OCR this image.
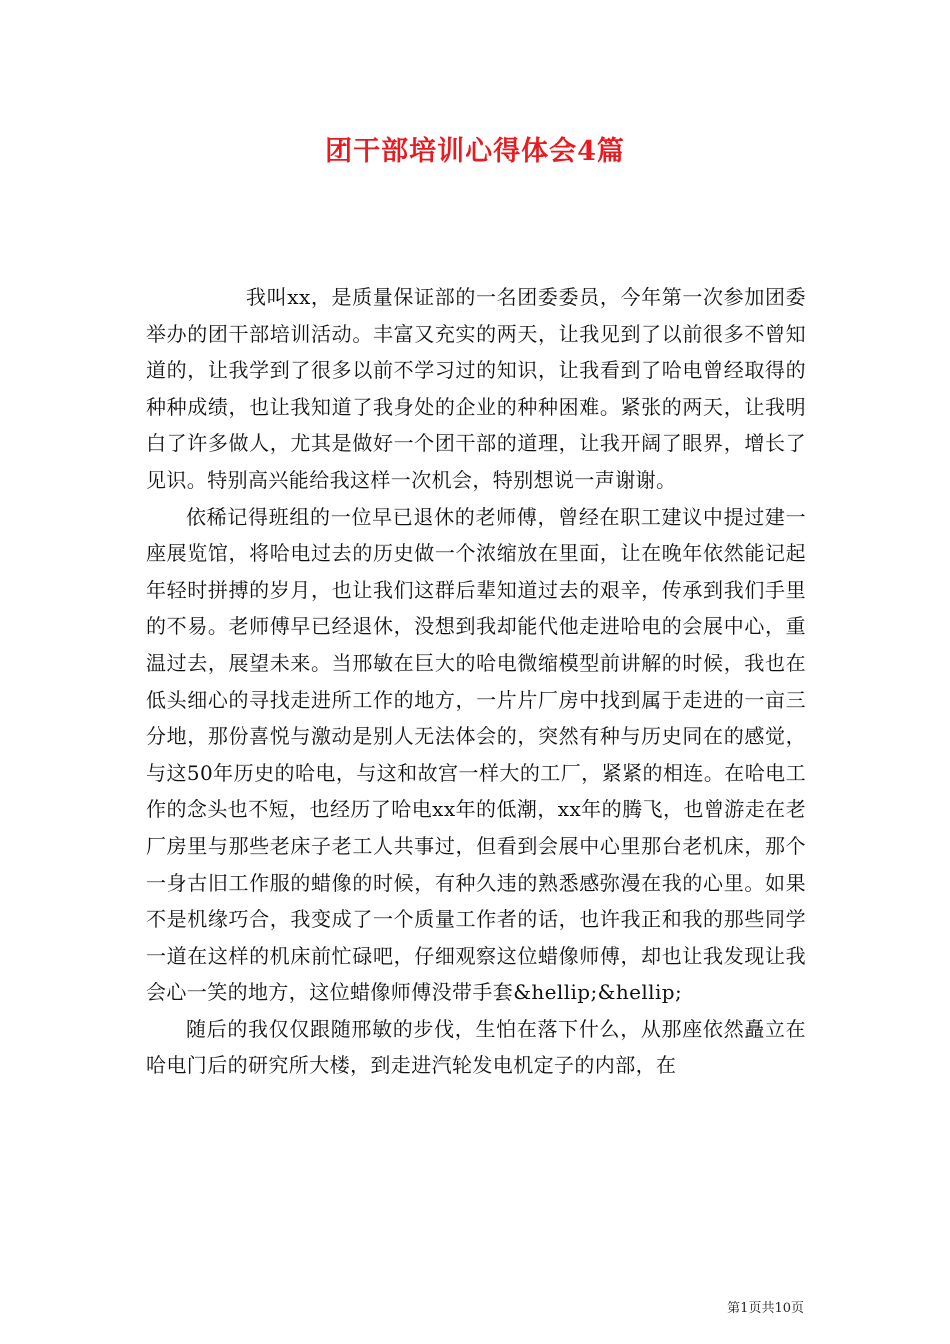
团干部培训心得体会4篇

我叫xx，是质量保证部的一名团委委员，今年第一次参加团委举办的团干部培训活动。丰富又充实的两天，让我见到了以前很多不曾知道的，让我学到了很多以前不学习过的知识，让我看到了哈电曾经取得的种种成绩，也让我知道了我身处的企业的种种困难。紧张的两天，让我明白了许多做人，尤其是做好一个团干部的道理，让我开阔了眼界，增长了见识。特别高兴能给我这样一次机会，特别想说一声谢谢。

依稀记得班组的一位早已退休的老师傅，曾经在职工建议中提过建一座展览馆，将哈电过去的历史做一个浓缩放在里面，让在晚年依然能记起年轻时拼搏的岁月，也让我们这群后辈知道过去的艰辛，传承到我们手里的不易。老师傅早已经退休，没想到我却能代他走进哈电的会展中心，重温过去，展望未来。当邢敏在巨大的哈电微缩模型前讲解的时候，我也在低头细心的寻找走进所工作的地方，一片片厂房中找到属于走进的一亩三分地，那份喜悦与激动是别人无法体会的，突然有种与历史同在的感觉，与这50年历史的哈电，与这和故宫一样大的工厂，紧紧的相连。在哈电工作的念头也不短，也经历了哈电xx年的低潮，xx年的腾飞，也曾游走在老厂房里与那些老床子老工人共事过，但看到会展中心里那台老机床，那个一身古旧工作服的蜡像的时候，有种久违的熟悉感弥漫在我的心里。如果不是机缘巧合，我变成了一个质量工作者的话，也许我正和我的那些同学一道在这样的机床前忙碌吧，仔细观察这位蜡像师傅，却也让我发现让我会心一笑的地方，这位蜡像师傅没带手套&hellip;&hellip;

随后的我仅仅跟随邢敏的步伐，生怕在落下什么，从那座依然矗立在哈电门后的研究所大楼，到走进汽轮发电机定子的内部，在

第1页共10页
